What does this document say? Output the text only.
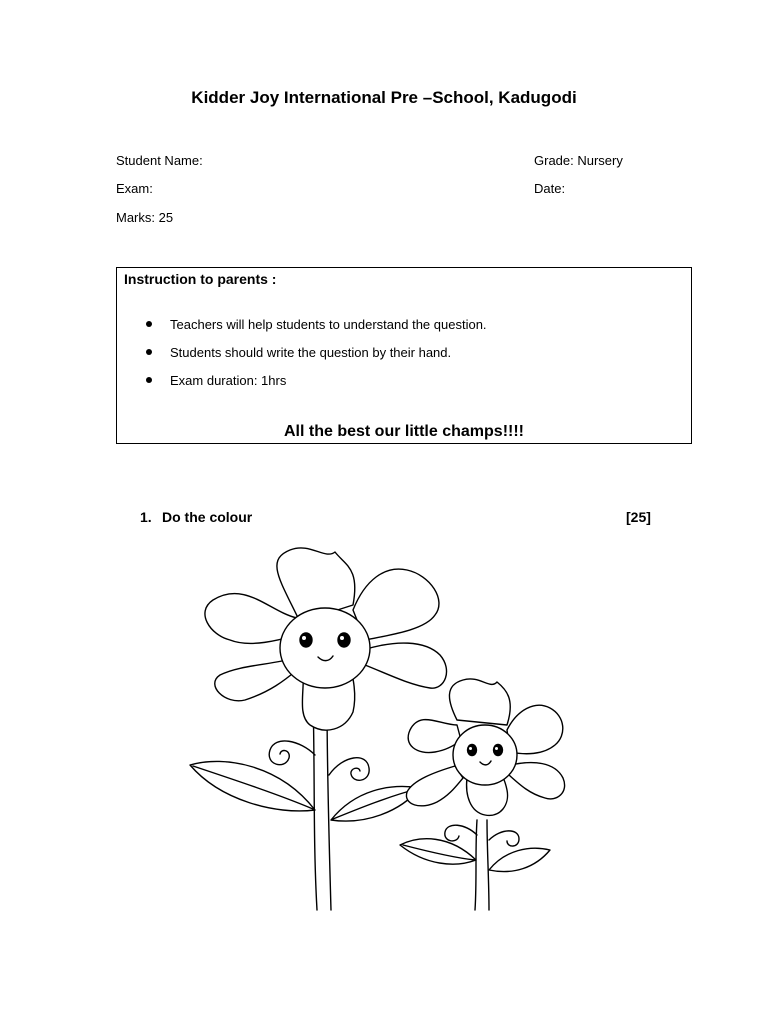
Kidder Joy International Pre –School, Kadugodi
Student Name:	Grade: Nursery
Exam:	Date:
Marks: 25
Instruction to parents :
Teachers will help students to understand the question.
Students should write the question by their hand.
Exam duration: 1hrs
All the best our little champs!!!!
1. Do the colour	[25]
